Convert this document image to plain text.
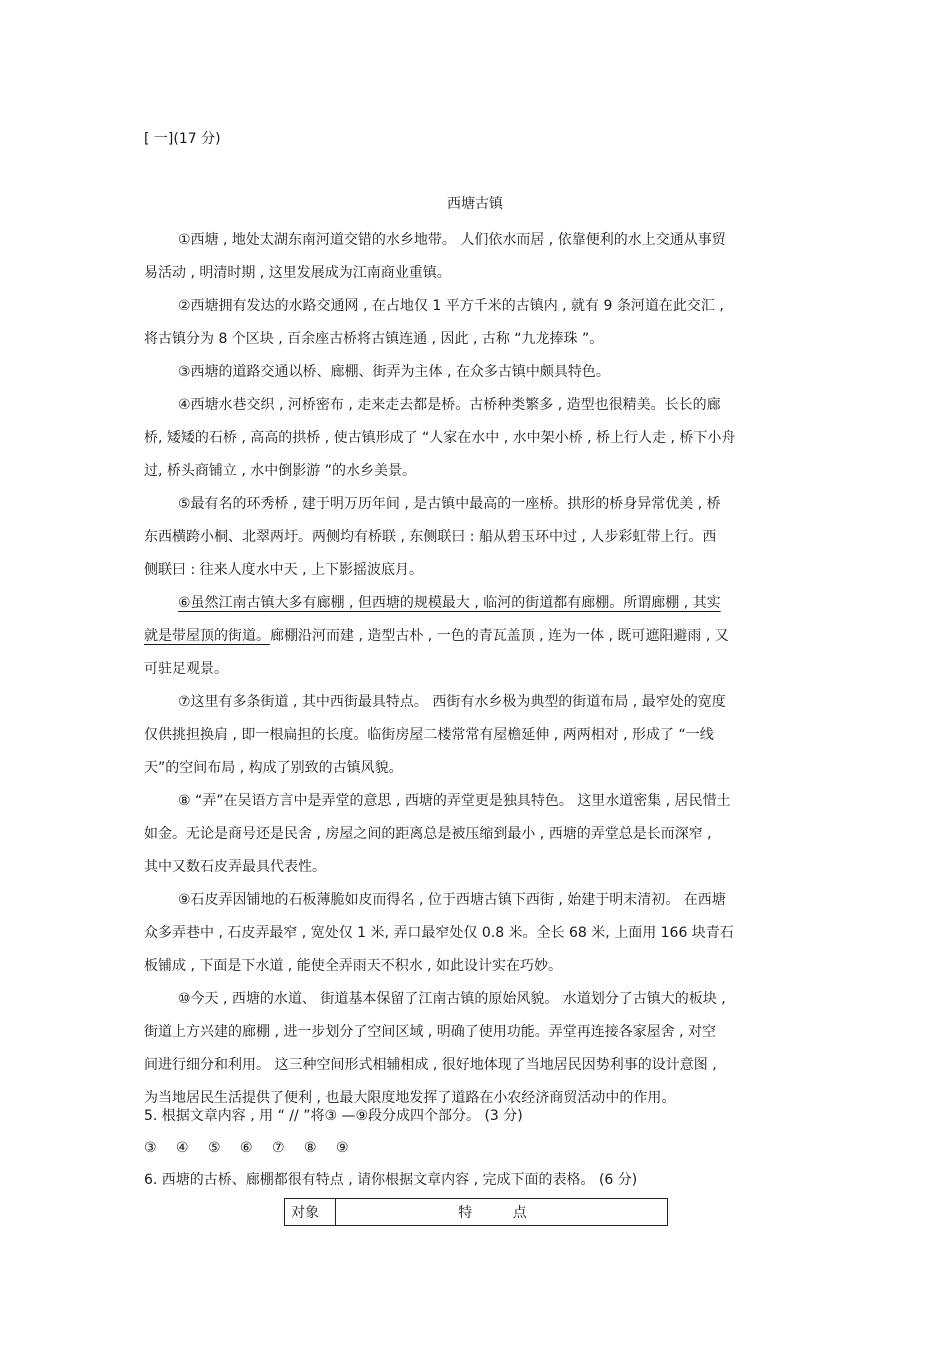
[ 一](17 分)
西塘古镇

①西塘 , 地处太湖东南河道交错的水乡地带。 人们依水而居 , 依靠便利的水上交通从事贸
易活动 , 明清时期 , 这里发展成为江南商业重镇。

②西塘拥有发达的水路交通网 , 在占地仅 1 平方千米的古镇内 , 就有 9 条河道在此交汇 ,
将古镇分为 8 个区块 , 百余座古桥将古镇连通 , 因此 , 古称 “九龙捧珠 ”。

③西塘的道路交通以桥、廊棚、街弄为主体 , 在众多古镇中颇具特色。

④西塘水巷交织 , 河桥密布 , 走来走去都是桥。古桥种类繁多 , 造型也很精美。长长的廊
桥, 矮矮的石桥 , 高高的拱桥 , 使古镇形成了 “人家在水中 , 水中架小桥 , 桥上行人走 , 桥下小舟
过, 桥头商铺立 , 水中倒影游 ”的水乡美景。

⑤最有名的环秀桥 , 建于明万历年间 , 是古镇中最高的一座桥。拱形的桥身异常优美 , 桥
东西横跨小桐、北翠两圩。两侧均有桥联 , 东侧联曰 : 船从碧玉环中过 , 人步彩虹带上行。西
侧联曰 : 往来人度水中天 , 上下影摇波底月。

⑥虽然江南古镇大多有廊棚 , 但西塘的规模最大 , 临河的街道都有廊棚。所谓廊棚 , 其实
就是带屋顶的街道。廊棚沿河而建 , 造型古朴 , 一色的青瓦盖顶 , 连为一体 , 既可遮阳避雨 , 又
可驻足观景。

⑦这里有多条街道 , 其中西街最具特点。 西街有水乡极为典型的街道布局 , 最窄处的宽度
仅供挑担换肩 , 即一根扁担的长度。临街房屋二楼常常有屋檐延伸 , 两两相对 , 形成了 “一线
天”的空间布局 , 构成了别致的古镇风貌。

⑧ “弄”在吴语方言中是弄堂的意思 , 西塘的弄堂更是独具特色。 这里水道密集 , 居民惜土
如金。无论是商号还是民舍 , 房屋之间的距离总是被压缩到最小 , 西塘的弄堂总是长而深窄 ,
其中又数石皮弄最具代表性。

⑨石皮弄因铺地的石板薄脆如皮而得名 , 位于西塘古镇下西街 , 始建于明末清初。 在西塘
众多弄巷中 , 石皮弄最窄 , 宽处仅 1 米, 弄口最窄处仅 0.8 米。全长 68 米, 上面用 166 块青石
板铺成 , 下面是下水道 , 能使全弄雨天不积水 , 如此设计实在巧妙。

⑩今天 , 西塘的水道、 街道基本保留了江南古镇的原始风貌。 水道划分了古镇大的板块 ,
街道上方兴建的廊棚 , 进一步划分了空间区域 , 明确了使用功能。弄堂再连接各家屋舍 , 对空
间进行细分和利用。 这三种空间形式相辅相成 , 很好地体现了当地居民因势利事的设计意图 ,
为当地居民生活提供了便利 , 也最大限度地发挥了道路在小农经济商贸活动中的作用。

5. 根据文章内容 , 用 “ // ”将③ —⑨段分成四个部分。 (3 分)
③ ④ ⑤ ⑥ ⑦ ⑧ ⑨
6. 西塘的古桥、廊棚都很有特点 , 请你根据文章内容 , 完成下面的表格。 (6 分)
对象	特 点
